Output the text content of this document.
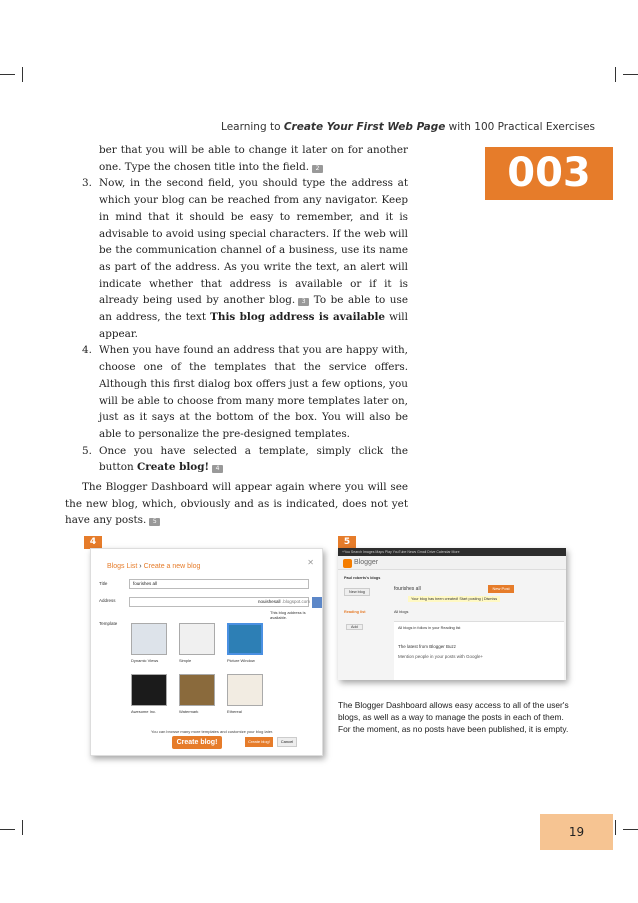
Learning to Create Your First Web Page with 100 Practical Exercises
003

ber that you will be able to change it later on for another one. Type the chosen title into the field. 2

3. Now, in the second field, you should type the address at which your blog can be reached from any navigator. Keep in mind that it should be easy to remember, and it is advisable to avoid using special characters. If the web will be the communication channel of a business, use its name as part of the address. As you write the text, an alert will indicate whether that address is available or if it is already being used by another blog. 3 To be able to use an address, the text This blog address is available will appear.

4. When you have found an address that you are happy with, choose one of the templates that the service offers. Although this first dialog box offers just a few options, you will be able to choose from many more templates later on, just as it says at the bottom of the box. You will also be able to personalize the pre-designed templates.

5. Once you have selected a template, simply click the button Create blog! 4

The Blogger Dashboard will appear again where you will see the new blog, which, obviously and as is indicated, does not yet have any posts. 5

4
Blogs List › Create a new blog	✕
Title	fourishes all
Address	nouishesall .blogspot.com
This blog address is available.
Template
Dynamic Views	Simple	Picture Window
Awesome Inc.	Watermark	Ethereal
You can browse many more templates and customize your blog later.
Create blog!	Create blog!	Cancel
5
+You Search Images Maps Play YouTube News Gmail Drive Calendar More
Blogger
Paul roberts's blogs
New blog	fourishes all	New Post
Your blog has been created! Start posting | Dismiss
Reading list	All blogs
Add	All blogs in follow in your Reading list
The latest from Blogger Buzz
Mention people in your posts with Google+
The Blogger Dashboard allows easy access to all of the user's blogs, as well as a way to manage the posts in each of them. For the moment, as no posts have been published, it is empty.
19
